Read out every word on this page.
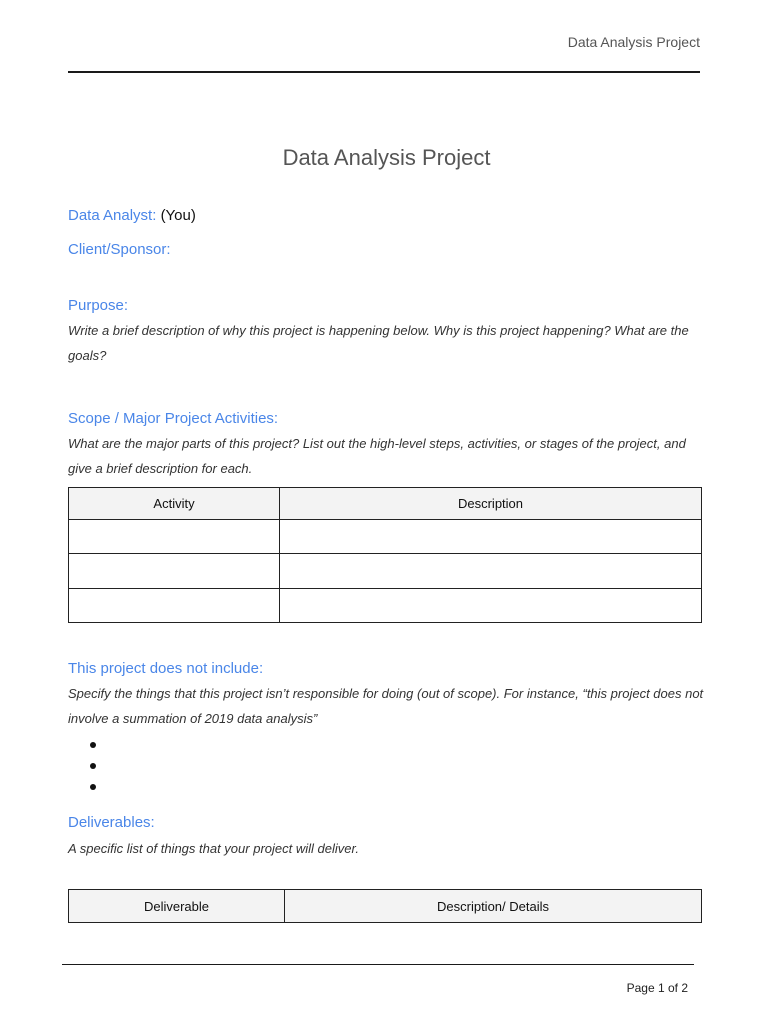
Data Analysis Project
Data Analysis Project
Data Analyst: (You)
Client/Sponsor:
Purpose:
Write a brief description of why this project is happening below. Why is this project happening? What are the goals?
Scope / Major Project Activities:
What are the major parts of this project? List out the high-level steps, activities, or stages of the project, and give a brief description for each.
Activity	Description

This project does not include:
Specify the things that this project isn’t responsible for doing (out of scope). For instance, “this project does not involve a summation of 2019 data analysis”
Deliverables:
A specific list of things that your project will deliver.
Deliverable	Description/ Details
Page 1 of 2
